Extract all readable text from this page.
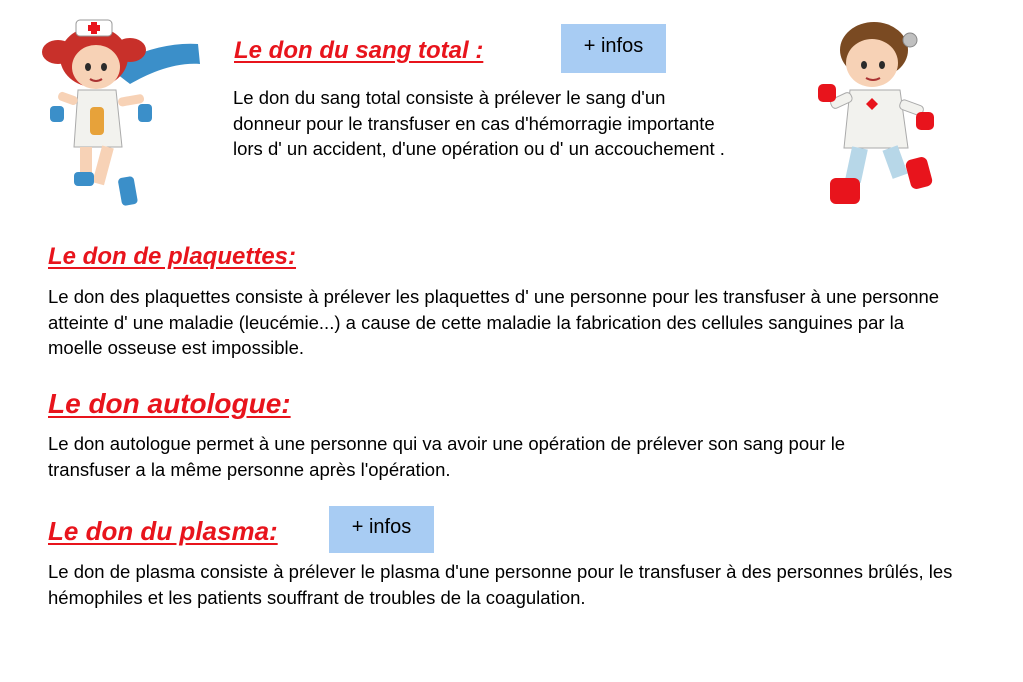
Le don du sang total :	+ infos

Le don du sang total consiste à prélever le sang d'un donneur pour le transfuser en cas d'hémorragie importante lors d' un accident, d'une opération ou d' un accouchement .

Le don de plaquettes:

Le don des plaquettes consiste à prélever les plaquettes d' une personne pour les transfuser à une personne atteinte d' une maladie (leucémie...) a cause de cette maladie la fabrication des cellules sanguines par la moelle osseuse est impossible.

Le don autologue:

Le don autologue permet à une personne qui va avoir une opération de prélever son sang pour le transfuser a la même personne après l'opération.

Le don du plasma:	+ infos

Le don de plasma consiste à prélever le plasma d'une personne pour le transfuser à des personnes brûlés, les hémophiles et les patients souffrant de troubles de la coagulation.
